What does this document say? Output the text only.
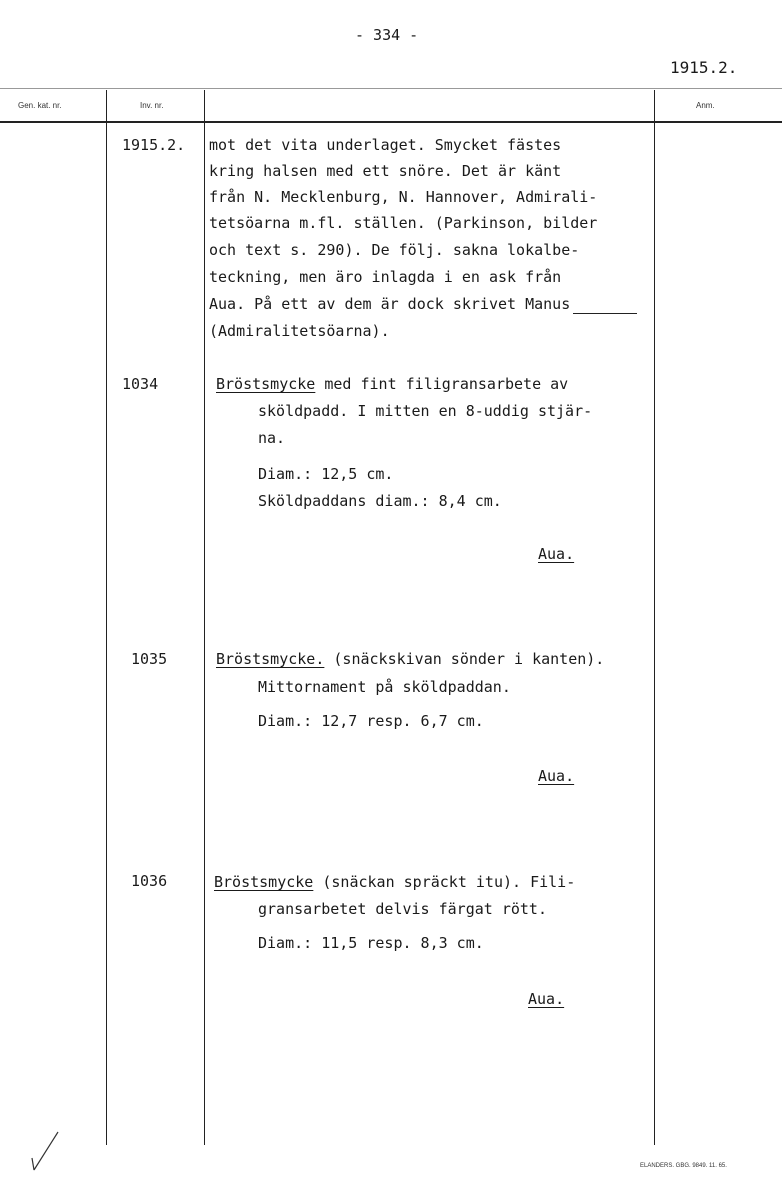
- 334 -
1915.2.
Gen. kat. nr.	Inv. nr.	Anm.
1915.2. mot det vita underlaget. Smycket fästes
kring halsen med ett snöre. Det är känt
från N. Mecklenburg, N. Hannover, Admirali-
tetsöarna m.fl. ställen. (Parkinson, bilder
och text s. 290). De följ. sakna lokalbe-
teckning, men äro inlagda i en ask från
Aua. På ett av dem är dock skrivet Manus
(Admiralitetsöarna).
1034	Bröstsmycke med fint filigransarbete av
sköldpadd. I mitten en 8-uddig stjär-
na.
Diam.: 12,5 cm.
Sköldpaddans diam.: 8,4 cm.
Aua.
1035	Bröstsmycke. (snäckskivan sönder i kanten).
Mittornament på sköldpaddan.
Diam.: 12,7 resp. 6,7 cm.
Aua.
1036	Bröstsmycke (snäckan spräckt itu). Fili-
gransarbetet delvis färgat rött.
Diam.: 11,5 resp. 8,3 cm.
Aua.
ELANDERS. GBG. 9849. 11. 65.
